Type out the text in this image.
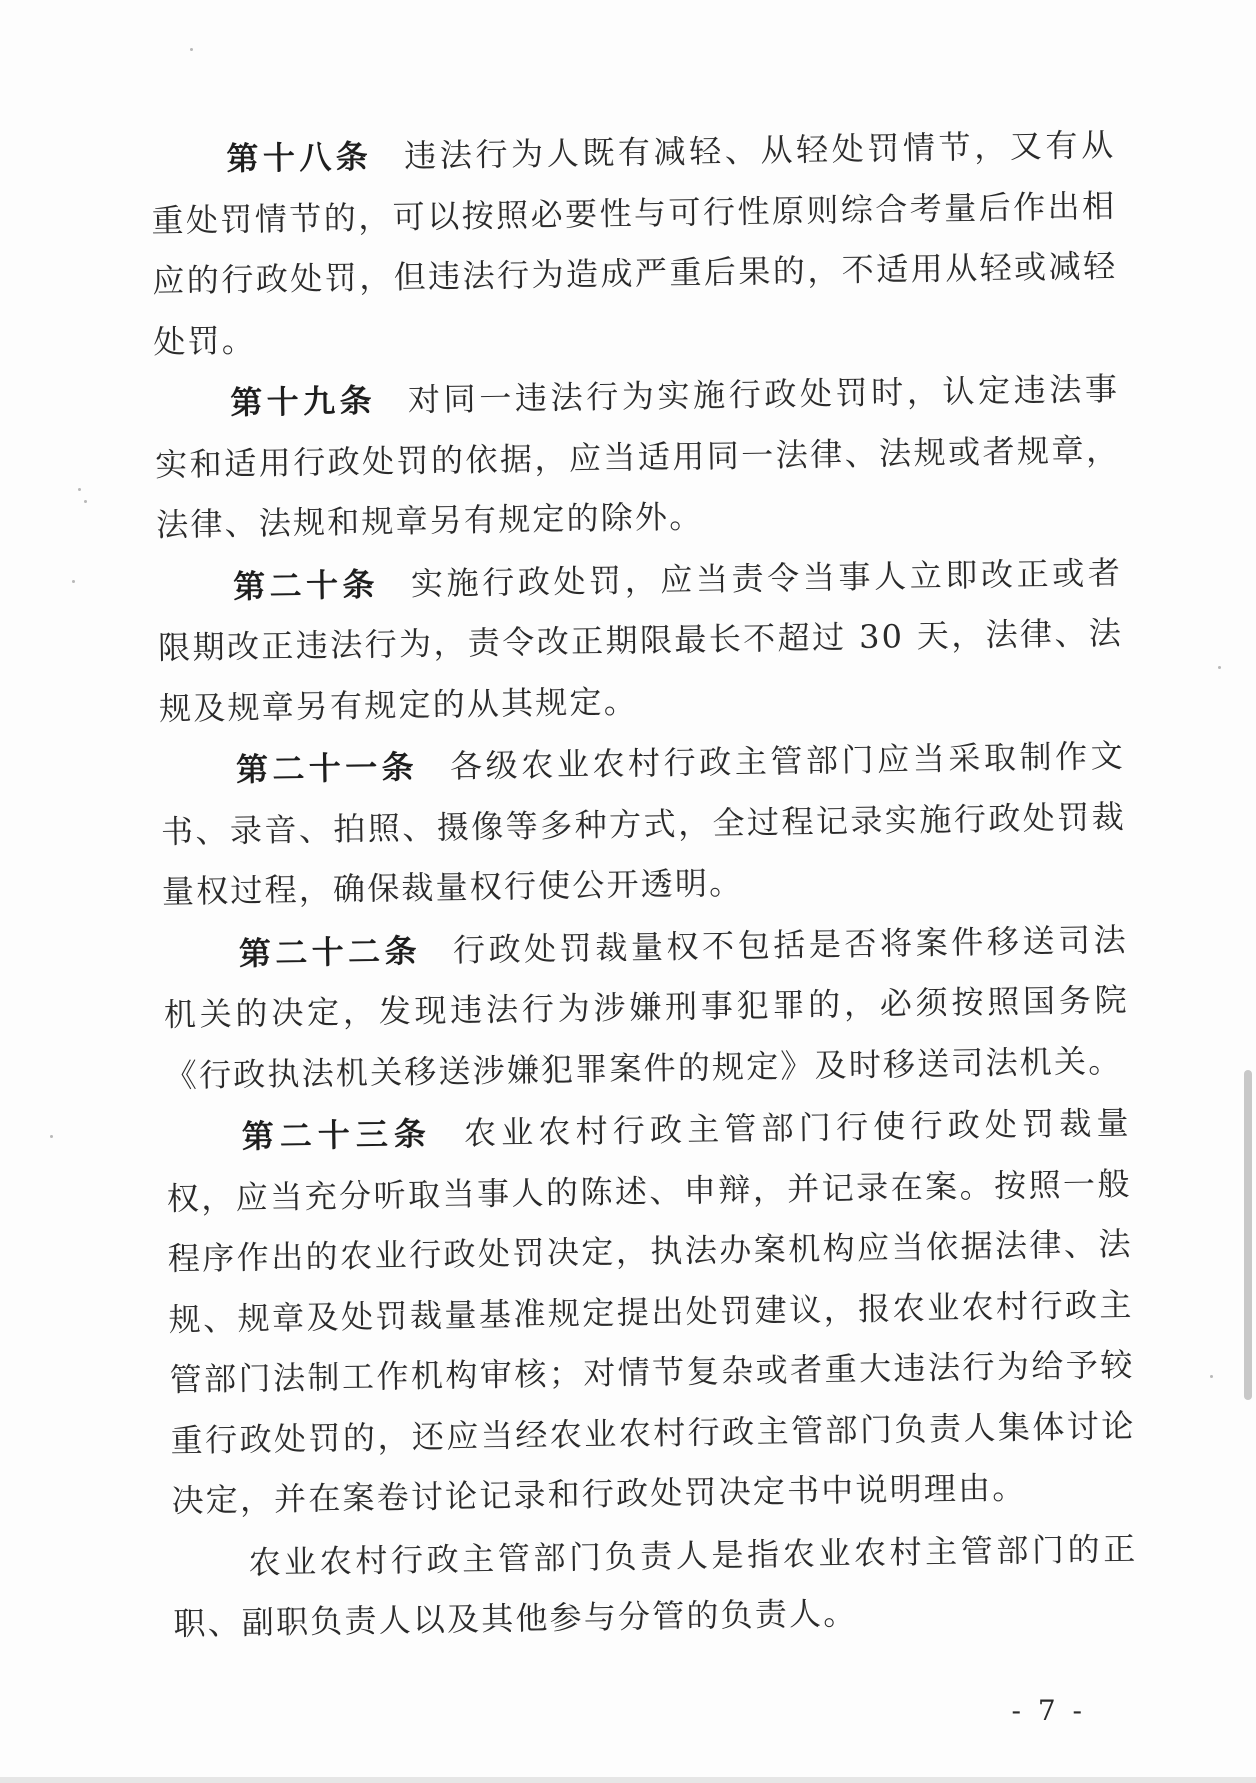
第十八条 违法行为人既有减轻、从轻处罚情节，又有从重处罚情节的，可以按照必要性与可行性原则综合考量后作出相应的行政处罚，但违法行为造成严重后果的，不适用从轻或减轻处罚。

第十九条 对同一违法行为实施行政处罚时，认定违法事实和适用行政处罚的依据，应当适用同一法律、法规或者规章，法律、法规和规章另有规定的除外。

第二十条 实施行政处罚，应当责令当事人立即改正或者限期改正违法行为，责令改正期限最长不超过 30 天，法律、法规及规章另有规定的从其规定。

第二十一条 各级农业农村行政主管部门应当采取制作文书、录音、拍照、摄像等多种方式，全过程记录实施行政处罚裁量权过程，确保裁量权行使公开透明。

第二十二条 行政处罚裁量权不包括是否将案件移送司法机关的决定，发现违法行为涉嫌刑事犯罪的，必须按照国务院《行政执法机关移送涉嫌犯罪案件的规定》及时移送司法机关。

第二十三条 农业农村行政主管部门行使行政处罚裁量权，应当充分听取当事人的陈述、申辩，并记录在案。按照一般程序作出的农业行政处罚决定，执法办案机构应当依据法律、法规、规章及处罚裁量基准规定提出处罚建议，报农业农村行政主管部门法制工作机构审核；对情节复杂或者重大违法行为给予较重行政处罚的，还应当经农业农村行政主管部门负责人集体讨论决定，并在案卷讨论记录和行政处罚决定书中说明理由。

农业农村行政主管部门负责人是指农业农村主管部门的正职、副职负责人以及其他参与分管的负责人。

- 7 -
